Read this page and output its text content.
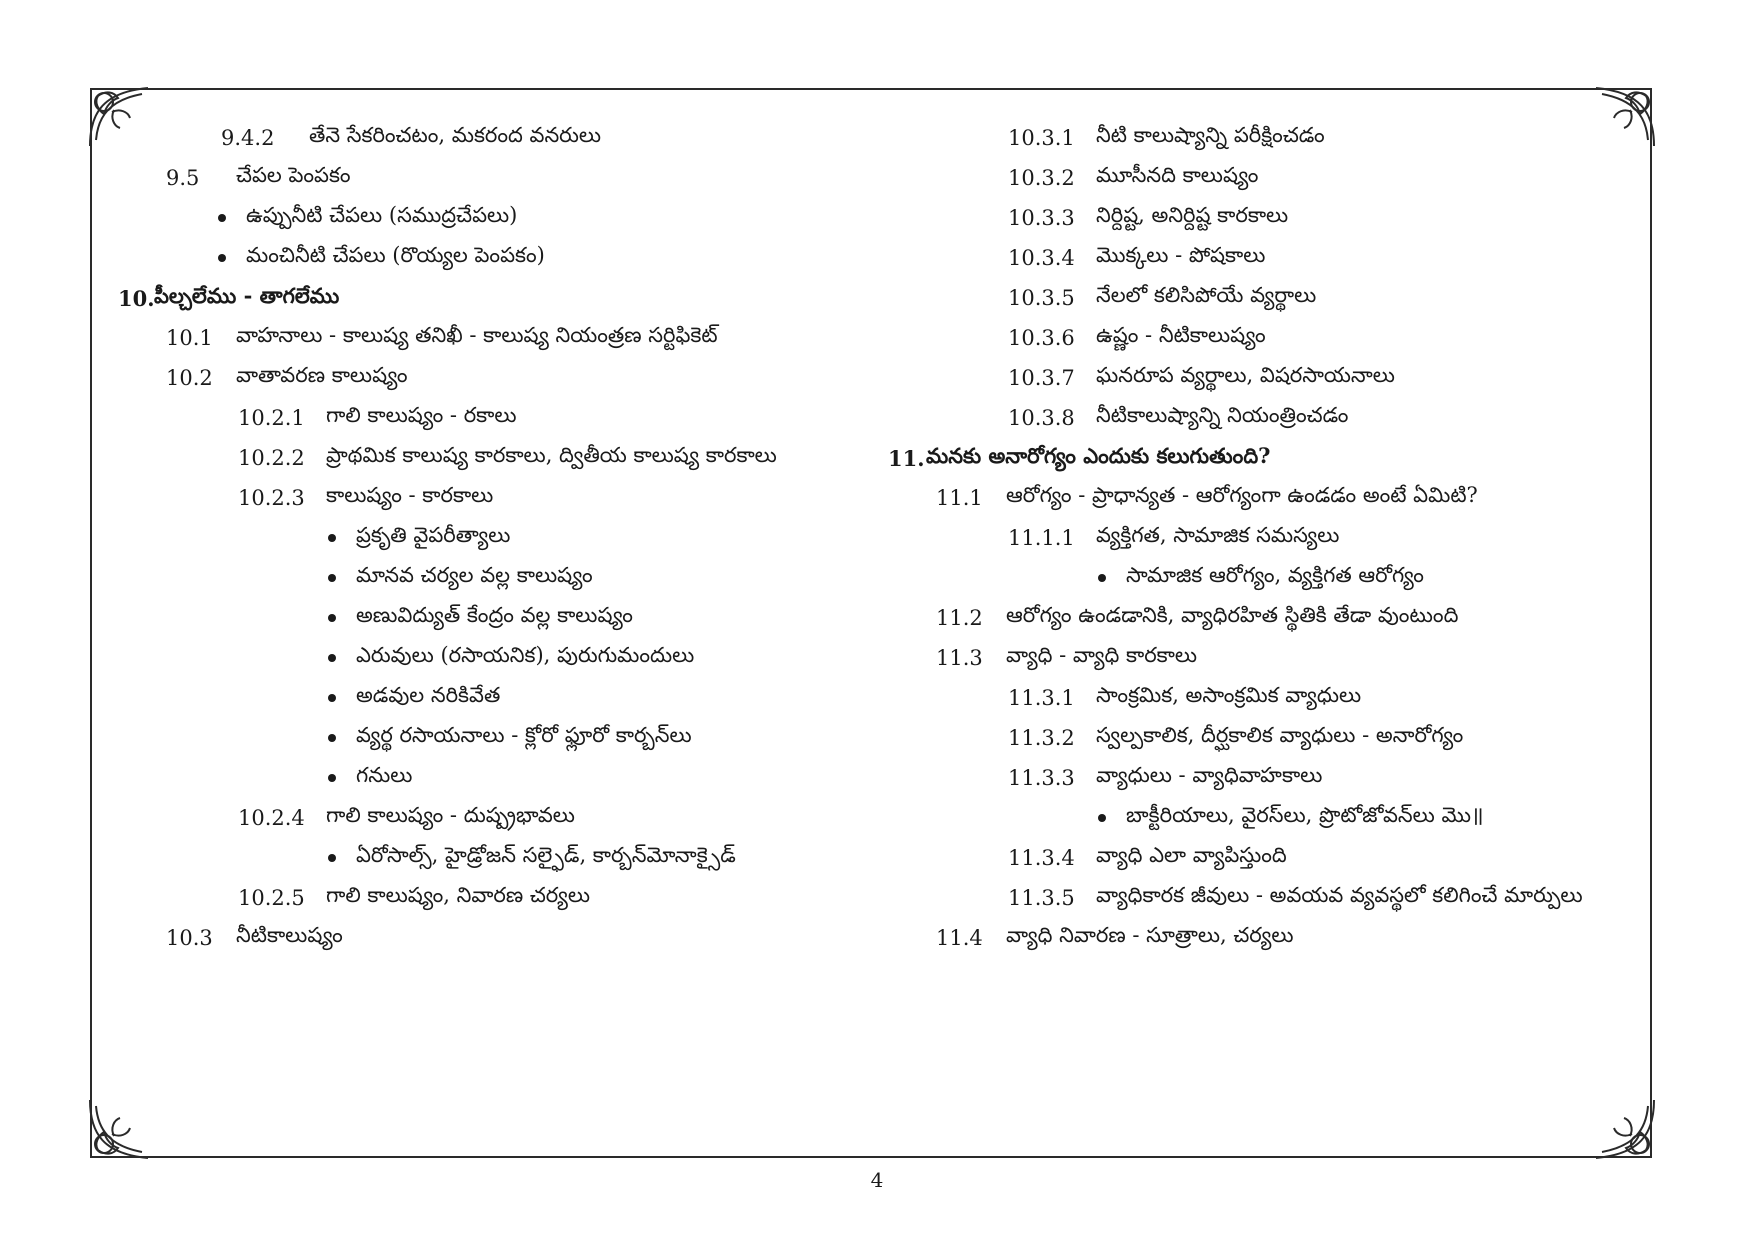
9.4.2	తేనె సేకరించటం, మకరంద వనరులు
9.5	చేపల పెంపకం
ఉప్పునీటి చేపలు (సముద్రచేపలు)
మంచినీటి చేపలు (రొయ్యల పెంపకం)
10. పీల్చలేము - తాగలేము
10.1	వాహనాలు - కాలుష్య తనిఖీ - కాలుష్య నియంత్రణ సర్టిఫికెట్
10.2	వాతావరణ కాలుష్యం
10.2.1	గాలి కాలుష్యం - రకాలు
10.2.2	ప్రాథమిక కాలుష్య కారకాలు, ద్వితీయ కాలుష్య కారకాలు
10.2.3	కాలుష్యం - కారకాలు
ప్రకృతి వైపరీత్యాలు
మానవ చర్యల వల్ల కాలుష్యం
అణువిద్యుత్ కేంద్రం వల్ల కాలుష్యం
ఎరువులు (రసాయనిక), పురుగుమందులు
అడవుల నరికివేత
వ్యర్థ రసాయనాలు - క్లోరో ఫ్లూరో కార్బన్‌లు
గనులు
10.2.4	గాలి కాలుష్యం - దుష్ప్రభావలు
ఏరోసాల్స్, హైడ్రోజన్ సల్ఫైడ్, కార్బన్‌మోనాక్సైడ్
10.2.5	గాలి కాలుష్యం, నివారణ చర్యలు
10.3	నీటికాలుష్యం
10.3.1	నీటి కాలుష్యాన్ని పరీక్షించడం
10.3.2	మూసీనది కాలుష్యం
10.3.3	నిర్దిష్ట, అనిర్దిష్ట కారకాలు
10.3.4	మొక్కలు - పోషకాలు
10.3.5	నేలలో కలిసిపోయే వ్యర్థాలు
10.3.6	ఉష్ణం - నీటికాలుష్యం
10.3.7	ఘనరూప వ్యర్థాలు, విషరసాయనాలు
10.3.8	నీటికాలుష్యాన్ని నియంత్రించడం
11. మనకు అనారోగ్యం ఎందుకు కలుగుతుంది?
11.1	ఆరోగ్యం - ప్రాధాన్యత - ఆరోగ్యంగా ఉండడం అంటే ఏమిటి?
11.1.1	వ్యక్తిగత, సామాజిక సమస్యలు
సామాజిక ఆరోగ్యం, వ్యక్తిగత ఆరోగ్యం
11.2	ఆరోగ్యం ఉండడానికి, వ్యాధిరహిత స్థితికి తేడా వుంటుంది
11.3	వ్యాధి - వ్యాధి కారకాలు
11.3.1	సాంక్రమిక, అసాంక్రమిక వ్యాధులు
11.3.2	స్వల్పకాలిక, దీర్ఘకాలిక వ్యాధులు - అనారోగ్యం
11.3.3	వ్యాధులు - వ్యాధివాహకాలు
బాక్టీరియాలు, వైరస్‌లు, ప్రొటోజోవన్‌లు మొ॥
11.3.4	వ్యాధి ఎలా వ్యాపిస్తుంది
11.3.5	వ్యాధికారక జీవులు - అవయవ వ్యవస్థలో కలిగించే మార్పులు
11.4	వ్యాధి నివారణ - సూత్రాలు, చర్యలు
4
